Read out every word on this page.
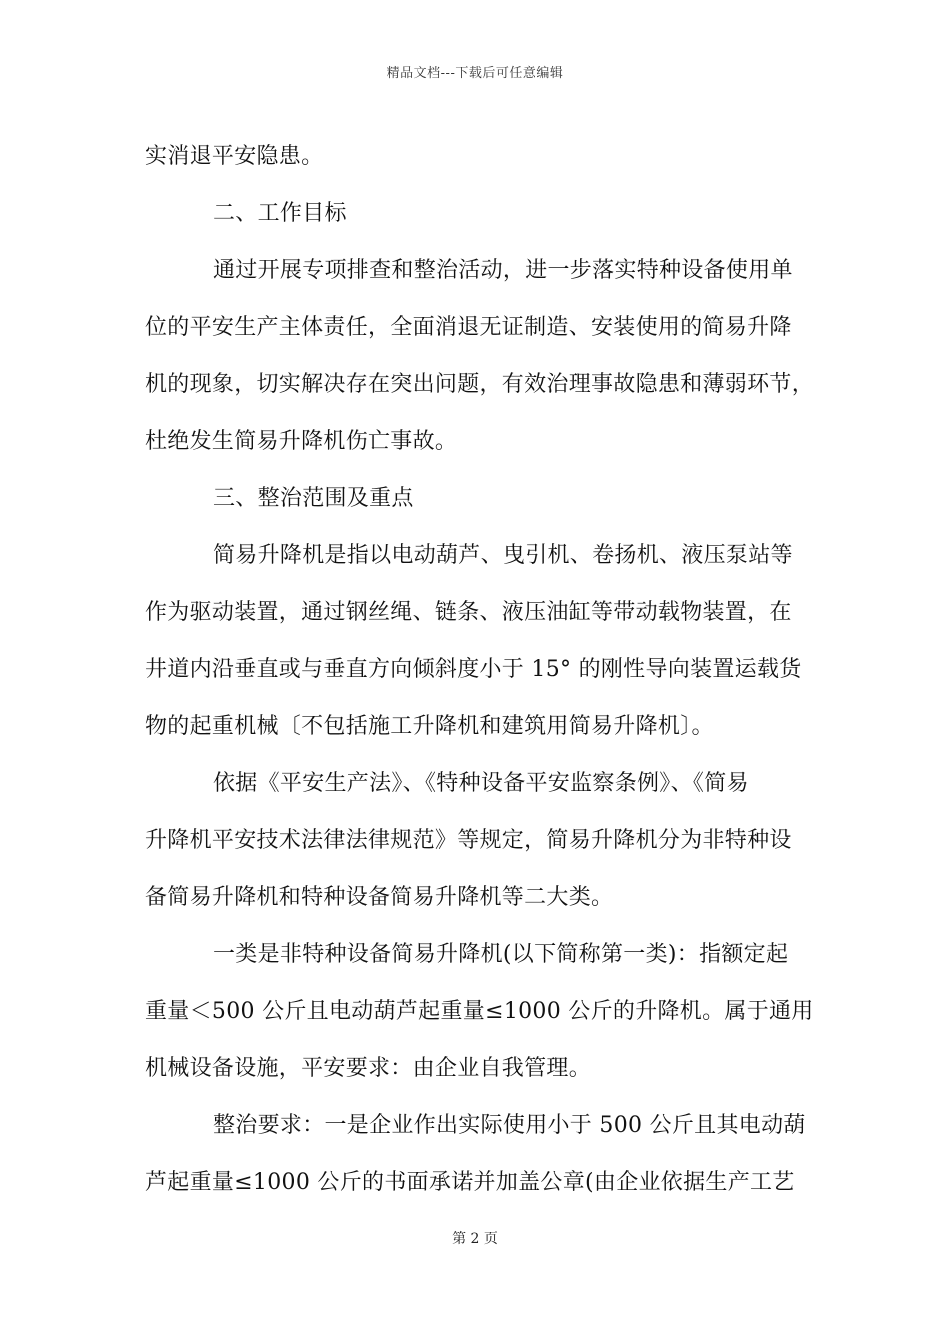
精品文档---下载后可任意编辑
实消退平安隐患。
二、工作目标
通过开展专项排查和整治活动，进一步落实特种设备使用单
位的平安生产主体责任，全面消退无证制造、安装使用的简易升降
机的现象，切实解决存在突出问题，有效治理事故隐患和薄弱环节，
杜绝发生简易升降机伤亡事故。
三、整治范围及重点
简易升降机是指以电动葫芦、曳引机、卷扬机、液压泵站等
作为驱动装置，通过钢丝绳、链条、液压油缸等带动载物装置，在
井道内沿垂直或与垂直方向倾斜度小于 15° 的刚性导向装置运载货
物的起重机械〔不包括施工升降机和建筑用简易升降机〕。
依据《平安生产法》、《特种设备平安监察条例》、《简易
升降机平安技术法律法律规范》等规定，简易升降机分为非特种设
备简易升降机和特种设备简易升降机等二大类。
一类是非特种设备简易升降机(以下简称第一类)：指额定起
重量＜500 公斤且电动葫芦起重量≤1000 公斤的升降机。属于通用
机械设备设施，平安要求：由企业自我管理。
整治要求：一是企业作出实际使用小于 500 公斤且其电动葫
芦起重量≤1000 公斤的书面承诺并加盖公章(由企业依据生产工艺
第 2 页
